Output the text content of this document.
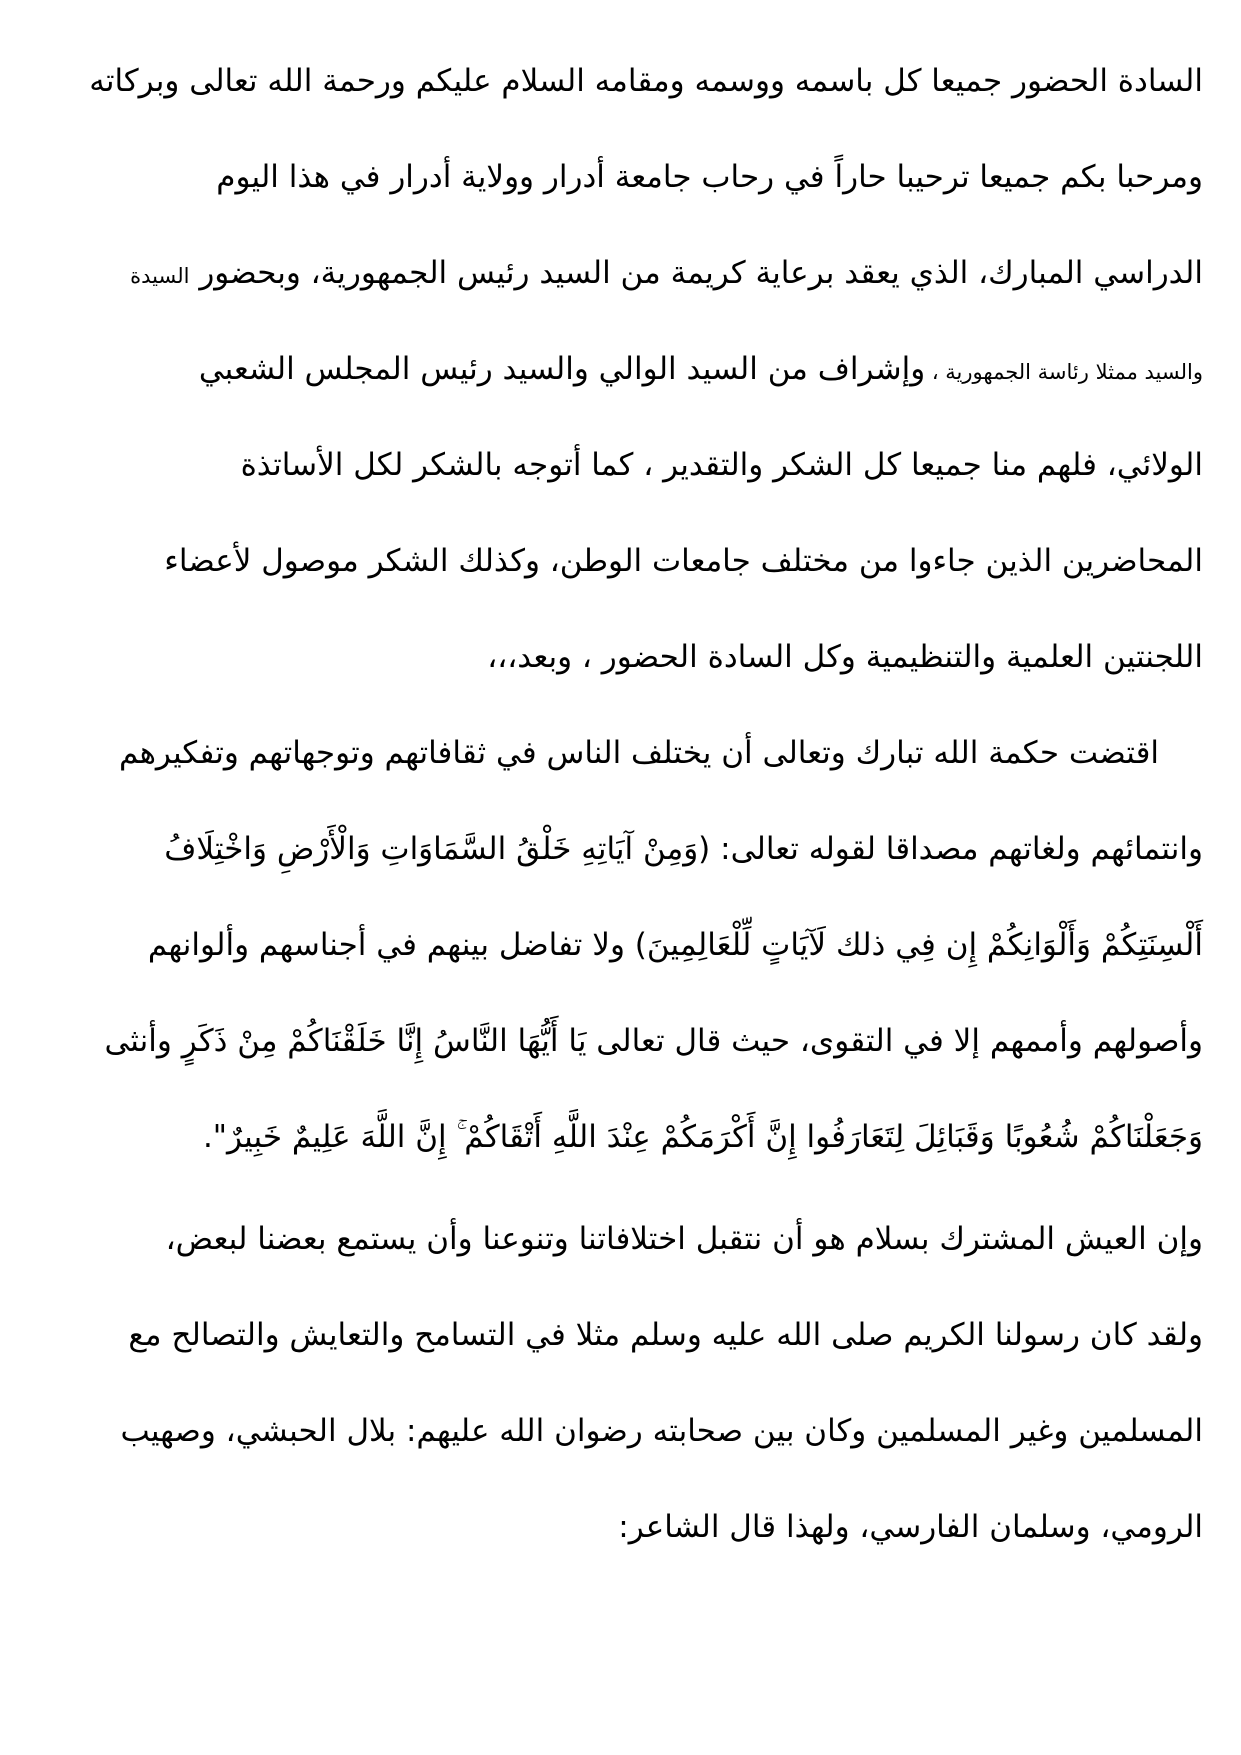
السادة الحضور جميعا كل باسمه ووسمه ومقامه السلام عليكم ورحمة الله تعالى وبركاته
ومرحبا بكم جميعا ترحيبا حاراً في رحاب جامعة أدرار وولاية أدرار في هذا اليوم
الدراسي المبارك، الذي يعقد برعاية كريمة من السيد رئيس الجمهورية، وبحضور السيدة
والسيد ممثلا رئاسة الجمهورية ، وإشراف من السيد الوالي والسيد رئيس المجلس الشعبي
الولائي، فلهم منا جميعا كل الشكر والتقدير ، كما أتوجه بالشكر لكل الأساتذة
المحاضرين الذين جاءوا من مختلف جامعات الوطن، وكذلك الشكر موصول لأعضاء
اللجنتين العلمية والتنظيمية وكل السادة الحضور ، وبعد،،،
اقتضت حكمة الله تبارك وتعالى أن يختلف الناس في ثقافاتهم وتوجهاتهم وتفكيرهم
وانتمائهم ولغاتهم مصداقا لقوله تعالى: (وَمِنْ آيَاتِهِ خَلْقُ السَّمَاوَاتِ وَالْأَرْضِ وَاخْتِلَافُ
أَلْسِنَتِكُمْ وَأَلْوَانِكُمْ إِن فِي ذلك لَآيَاتٍ لِّلْعَالِمِينَ) ولا تفاضل بينهم في أجناسهم وألوانهم
وأصولهم وأممهم إلا في التقوى، حيث قال تعالى يَا أَيُّهَا النَّاسُ إِنَّا خَلَقْنَاكُمْ مِنْ ذَكَرٍ وأنثى
وَجَعَلْنَاكُمْ شُعُوبًا وَقَبَائِلَ لِتَعَارَفُوا إِنَّ أَكْرَمَكُمْ عِنْدَ اللَّهِ أَتْقَاكُمْ ۚ إِنَّ اللَّهَ عَلِيمٌ خَبِيرٌ".
وإن العيش المشترك بسلام هو أن نتقبل اختلافاتنا وتنوعنا وأن يستمع بعضنا لبعض،
ولقد كان رسولنا الكريم صلى الله عليه وسلم مثلا في التسامح والتعايش والتصالح مع
المسلمين وغير المسلمين وكان بين صحابته رضوان الله عليهم: بلال الحبشي، وصهيب
الرومي، وسلمان الفارسي، ولهذا قال الشاعر:
